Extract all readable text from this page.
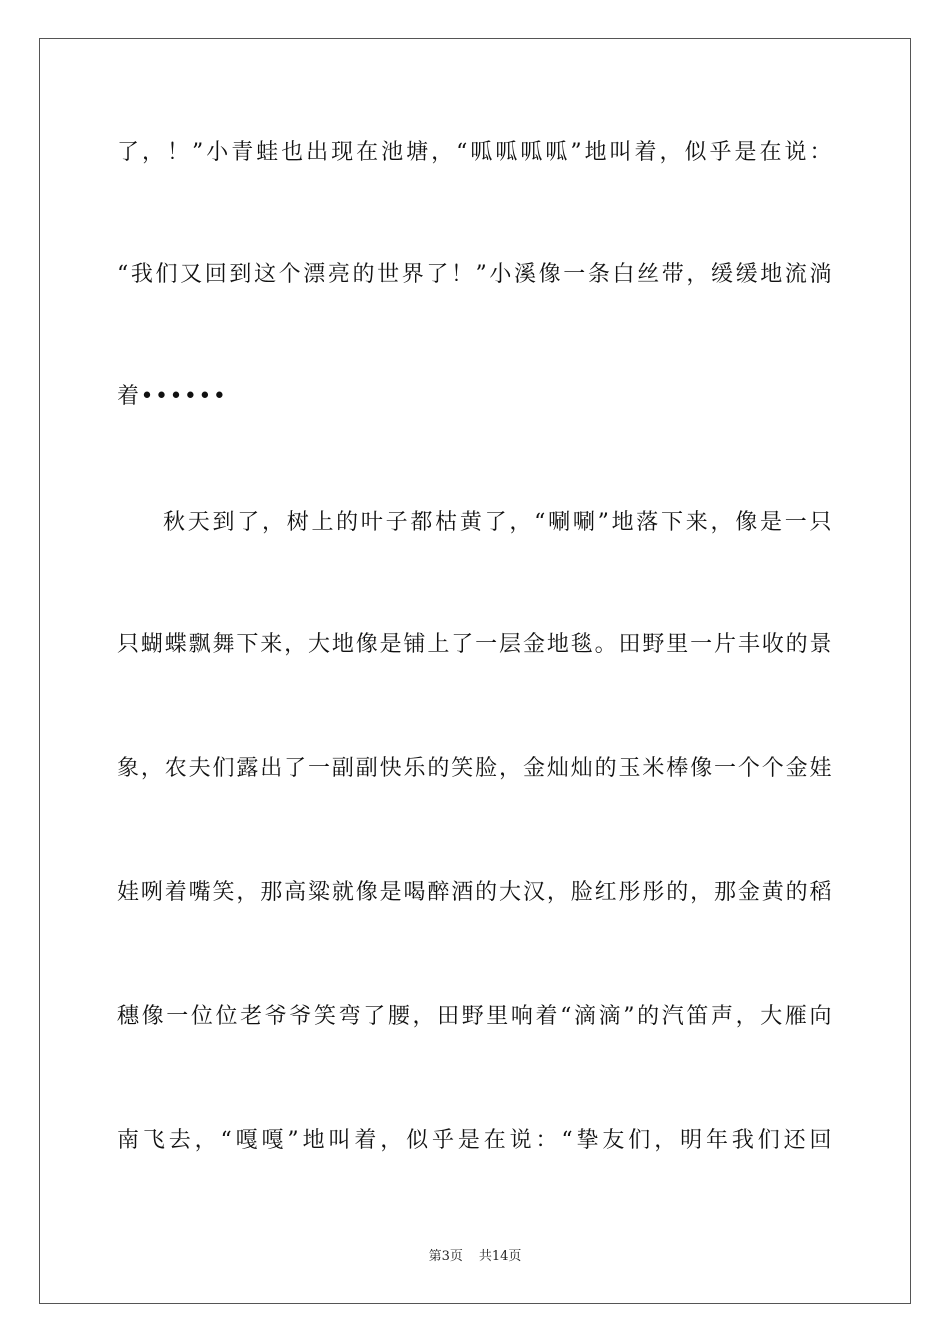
了，！”小青蛙也出现在池塘，“呱呱呱呱”地叫着，似乎是在说：
“我们又回到这个漂亮的世界了！”小溪像一条白丝带，缓缓地流淌
着••••••
秋天到了，树上的叶子都枯黄了，“唰唰”地落下来，像是一只
只蝴蝶飘舞下来，大地像是铺上了一层金地毯。田野里一片丰收的景
象，农夫们露出了一副副快乐的笑脸，金灿灿的玉米棒像一个个金娃
娃咧着嘴笑，那高粱就像是喝醉酒的大汉，脸红彤彤的，那金黄的稻
穗像一位位老爷爷笑弯了腰，田野里响着“滴滴”的汽笛声，大雁向
南飞去，“嘎嘎”地叫着，似乎是在说：“挚友们，明年我们还回
第3页 共14页
